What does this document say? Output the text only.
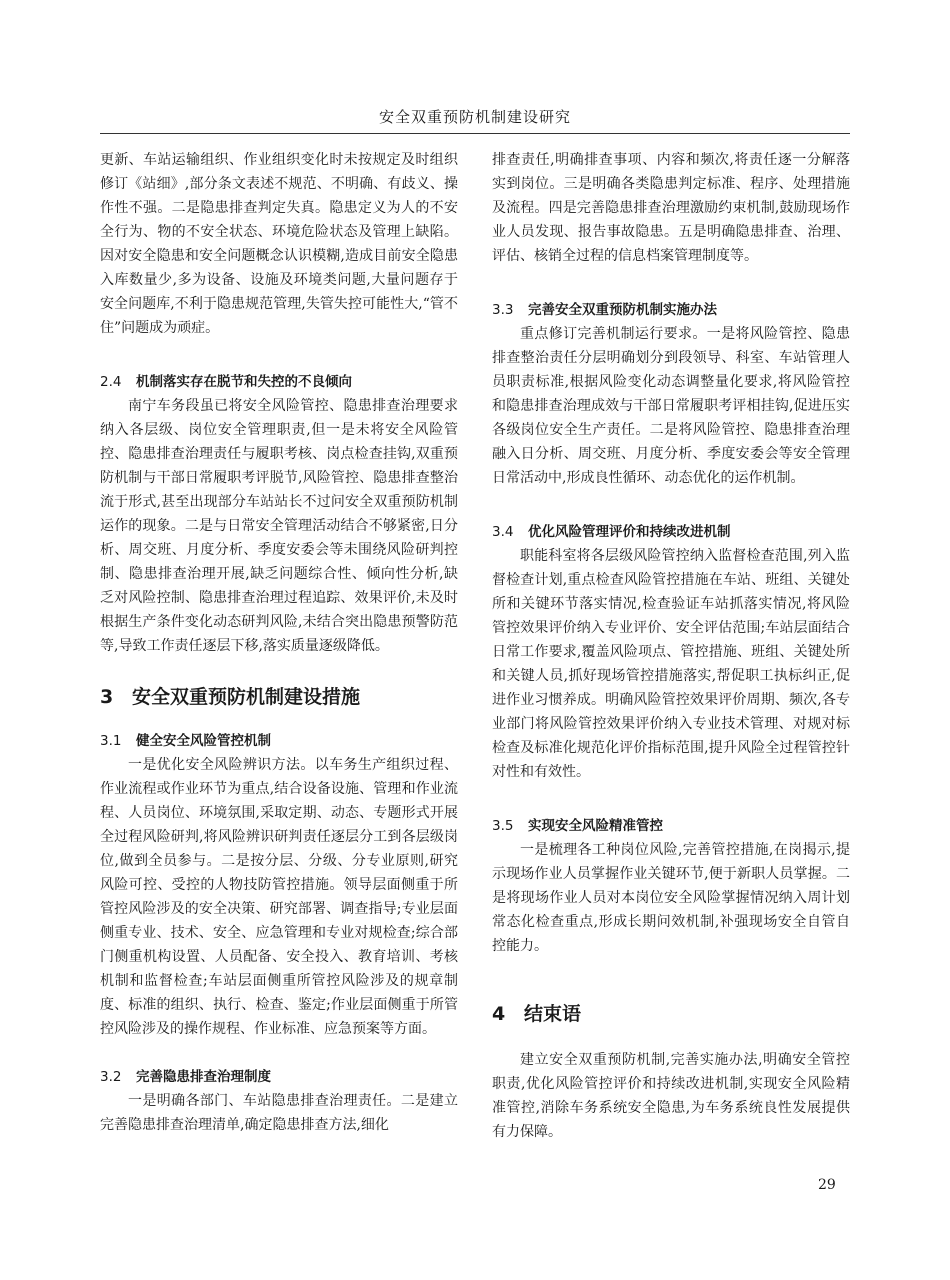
安全双重预防机制建设研究

更新、车站运输组织、作业组织变化时未按规定及时组织修订《站细》,部分条文表述不规范、不明确、有歧义、操作性不强。二是隐患排查判定失真。隐患定义为人的不安全行为、物的不安全状态、环境危险状态及管理上缺陷。因对安全隐患和安全问题概念认识模糊,造成目前安全隐患入库数量少,多为设备、设施及环境类问题,大量问题存于安全问题库,不利于隐患规范管理,失管失控可能性大,“管不住”问题成为顽症。

2.4 机制落实存在脱节和失控的不良倾向

南宁车务段虽已将安全风险管控、隐患排查治理要求纳入各层级、岗位安全管理职责,但一是未将安全风险管控、隐患排查治理责任与履职考核、岗点检查挂钩,双重预防机制与干部日常履职考评脱节,风险管控、隐患排查整治流于形式,甚至出现部分车站站长不过问安全双重预防机制运作的现象。二是与日常安全管理活动结合不够紧密,日分析、周交班、月度分析、季度安委会等未围绕风险研判控制、隐患排查治理开展,缺乏问题综合性、倾向性分析,缺乏对风险控制、隐患排查治理过程追踪、效果评价,未及时根据生产条件变化动态研判风险,未结合突出隐患预警防范等,导致工作责任逐层下移,落实质量逐级降低。

3 安全双重预防机制建设措施
3.1 健全安全风险管控机制

一是优化安全风险辨识方法。以车务生产组织过程、作业流程或作业环节为重点,结合设备设施、管理和作业流程、人员岗位、环境氛围,采取定期、动态、专题形式开展全过程风险研判,将风险辨识研判责任逐层分工到各层级岗位,做到全员参与。二是按分层、分级、分专业原则,研究风险可控、受控的人物技防管控措施。领导层面侧重于所管控风险涉及的安全决策、研究部署、调查指导;专业层面侧重专业、技术、安全、应急管理和专业对规检查;综合部门侧重机构设置、人员配备、安全投入、教育培训、考核机制和监督检查;车站层面侧重所管控风险涉及的规章制度、标准的组织、执行、检查、鉴定;作业层面侧重于所管控风险涉及的操作规程、作业标准、应急预案等方面。

3.2 完善隐患排查治理制度

一是明确各部门、车站隐患排查治理责任。二是建立完善隐患排查治理清单,确定隐患排查方法,细化

排查责任,明确排查事项、内容和频次,将责任逐一分解落实到岗位。三是明确各类隐患判定标准、程序、处理措施及流程。四是完善隐患排查治理激励约束机制,鼓励现场作业人员发现、报告事故隐患。五是明确隐患排查、治理、评估、核销全过程的信息档案管理制度等。

3.3 完善安全双重预防机制实施办法

重点修订完善机制运行要求。一是将风险管控、隐患排查整治责任分层明确划分到段领导、科室、车站管理人员职责标准,根据风险变化动态调整量化要求,将风险管控和隐患排查治理成效与干部日常履职考评相挂钩,促进压实各级岗位安全生产责任。二是将风险管控、隐患排查治理融入日分析、周交班、月度分析、季度安委会等安全管理日常活动中,形成良性循环、动态优化的运作机制。

3.4 优化风险管理评价和持续改进机制

职能科室将各层级风险管控纳入监督检查范围,列入监督检查计划,重点检查风险管控措施在车站、班组、关键处所和关键环节落实情况,检查验证车站抓落实情况,将风险管控效果评价纳入专业评价、安全评估范围;车站层面结合日常工作要求,覆盖风险项点、管控措施、班组、关键处所和关键人员,抓好现场管控措施落实,帮促职工执标纠正,促进作业习惯养成。明确风险管控效果评价周期、频次,各专业部门将风险管控效果评价纳入专业技术管理、对规对标检查及标准化规范化评价指标范围,提升风险全过程管控针对性和有效性。

3.5 实现安全风险精准管控

一是梳理各工种岗位风险,完善管控措施,在岗揭示,提示现场作业人员掌握作业关键环节,便于新职人员掌握。二是将现场作业人员对本岗位安全风险掌握情况纳入周计划常态化检查重点,形成长期问效机制,补强现场安全自管自控能力。

4 结束语

建立安全双重预防机制,完善实施办法,明确安全管控职责,优化风险管控评价和持续改进机制,实现安全风险精准管控,消除车务系统安全隐患,为车务系统良性发展提供有力保障。

29
